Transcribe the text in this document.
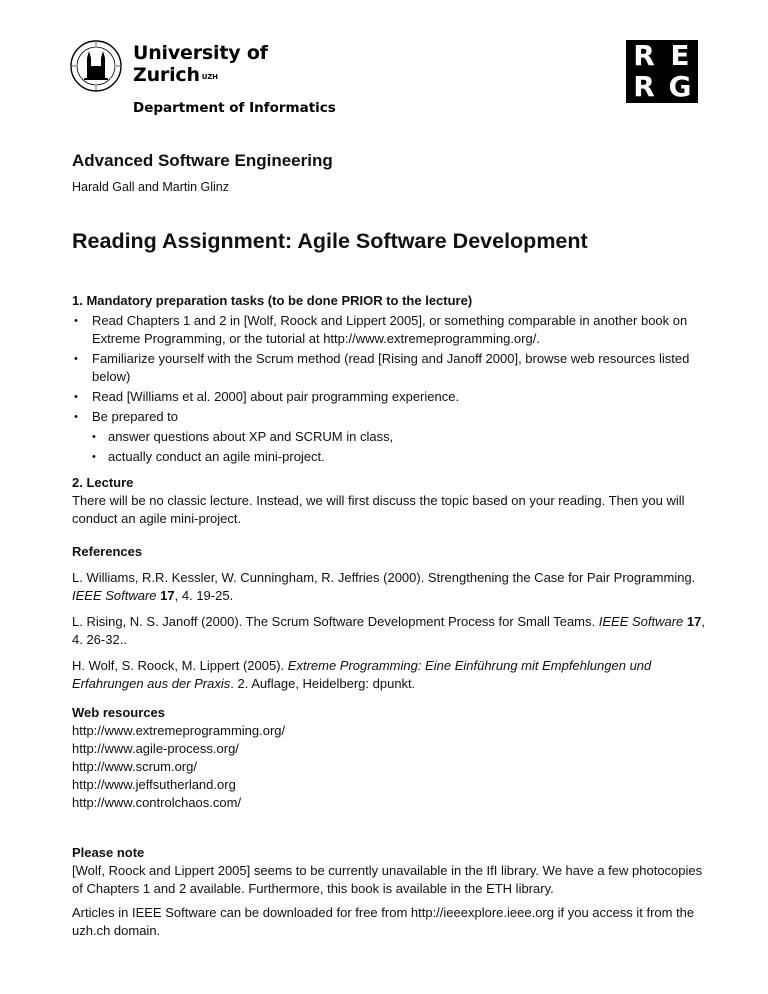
University of
Zurich $^{UZH}$
Department of Informatics
R E
R G
Advanced Software Engineering
Harald Gall and Martin Glinz
Reading Assignment: Agile Software Development
1. Mandatory preparation tasks (to be done PRIOR to the lecture)
• Read Chapters 1 and 2 in [Wolf, Roock and Lippert 2005], or something comparable in another book on Extreme Programming, or the tutorial at http://www.extremeprogramming.org/.
• Familiarize yourself with the Scrum method (read [Rising and Janoff 2000], browse web resources listed below)
• Read [Williams et al. 2000] about pair programming experience.
• Be prepared to
• answer questions about XP and SCRUM in class,
• actually conduct an agile mini-project.
2. Lecture
There will be no classic lecture. Instead, we will first discuss the topic based on your reading. Then you will conduct an agile mini-project.
References
L. Williams, R.R. Kessler, W. Cunningham, R. Jeffries (2000). Strengthening the Case for Pair Programming. IEEE Software 17, 4. 19-25.
L. Rising, N. S. Janoff (2000). The Scrum Software Development Process for Small Teams. IEEE Software 17, 4. 26-32..
H. Wolf, S. Roock, M. Lippert (2005). Extreme Programming: Eine Einführung mit Empfehlungen und Erfahrungen aus der Praxis. 2. Auflage, Heidelberg: dpunkt.
Web resources
http://www.extremeprogramming.org/
http://www.agile-process.org/
http://www.scrum.org/
http://www.jeffsutherland.org
http://www.controlchaos.com/
Please note
[Wolf, Roock and Lippert 2005] seems to be currently unavailable in the IfI library. We have a few photocopies of Chapters 1 and 2 available. Furthermore, this book is available in the ETH library.
Articles in IEEE Software can be downloaded for free from http://ieeexplore.ieee.org if you access it from the uzh.ch domain.
